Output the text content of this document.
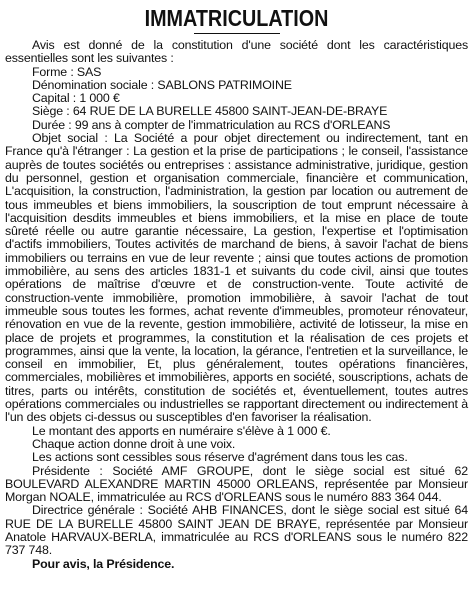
IMMATRICULATION

Avis est donné de la constitution d'une société dont les caractéristiques essentielles sont les suivantes :

Forme : SAS

Dénomination sociale : SABLONS PATRIMOINE

Capital : 1 000 €

Siège : 64 RUE DE LA BURELLE 45800 SAINT-JEAN-DE-BRAYE

Durée : 99 ans à compter de l'immatriculation au RCS d'ORLEANS

Objet social : La Société a pour objet directement ou indirectement, tant en France qu'à l'étranger : La gestion et la prise de participations ; le conseil, l'assistance auprès de toutes sociétés ou entreprises : assistance administrative, juridique, gestion du personnel, gestion et organisation commerciale, financière et communication, L'acquisition, la construction, l'administration, la gestion par location ou autrement de tous immeubles et biens immobiliers, la souscription de tout emprunt nécessaire à l'acquisition desdits immeubles et biens immobiliers, et la mise en place de toute sûreté réelle ou autre garantie nécessaire, La gestion, l'expertise et l'optimisation d'actifs immobiliers, Toutes activités de marchand de biens, à savoir l'achat de biens immobiliers ou terrains en vue de leur revente ; ainsi que toutes actions de promotion immobilière, au sens des articles 1831-1 et suivants du code civil, ainsi que toutes opérations de maîtrise d'œuvre et de construction-vente. Toute activité de construction-vente immobilière, promotion immobilière, à savoir l'achat de tout immeuble sous toutes les formes, achat revente d'immeubles, promoteur rénovateur, rénovation en vue de la revente, gestion immobilière, activité de lotisseur, la mise en place de projets et programmes, la constitution et la réalisation de ces projets et programmes, ainsi que la vente, la location, la gérance, l'entretien et la surveillance, le conseil en immobilier, Et, plus généralement, toutes opérations financières, commerciales, mobilières et immobilières, apports en société, souscriptions, achats de titres, parts ou intérêts, constitution de sociétés et, éventuellement, toutes autres opérations commerciales ou industrielles se rapportant directement ou indirectement à l'un des objets ci-dessus ou susceptibles d'en favoriser la réalisation.

Le montant des apports en numéraire s'élève à 1 000 €.

Chaque action donne droit à une voix.

Les actions sont cessibles sous réserve d'agrément dans tous les cas.

Présidente : Société AMF GROUPE, dont le siège social est situé 62 BOULEVARD ALEXANDRE MARTIN 45000 ORLEANS, représentée par Monsieur Morgan NOALE, immatriculée au RCS d'ORLEANS sous le numéro 883 364 044.

Directrice générale : Société AHB FINANCES, dont le siège social est situé 64 RUE DE LA BURELLE 45800 SAINT JEAN DE BRAYE, représentée par Monsieur Anatole HARVAUX-BERLA, immatriculée au RCS d'ORLEANS sous le numéro 822 737 748.

Pour avis, la Présidence.
